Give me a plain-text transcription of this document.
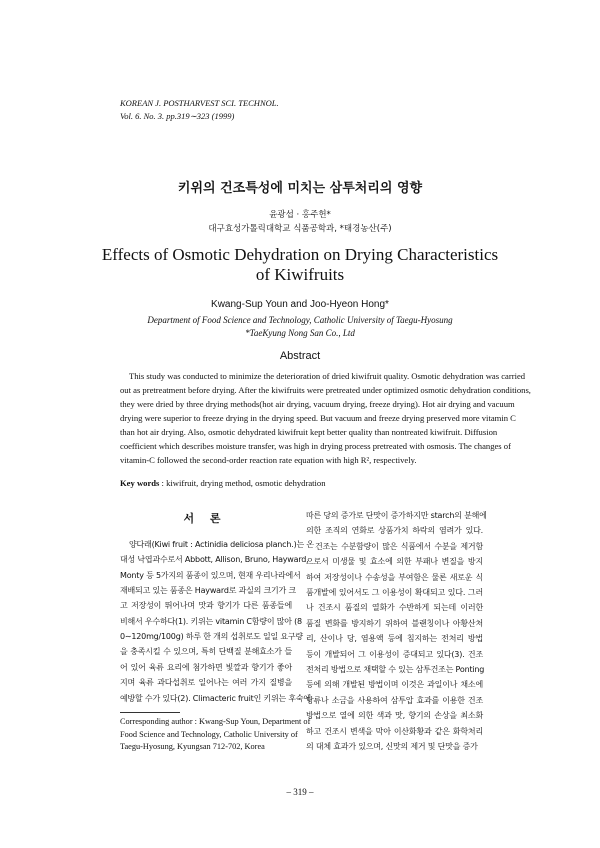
KOREAN J. POSTHARVEST SCI. TECHNOL.
Vol. 6. No. 3. pp.319∼323 (1999)
키위의 건조특성에 미치는 삼투처리의 영향
윤광섭 · 홍주헌*
대구효성가톨릭대학교 식품공학과, *태경농산(주)
Effects of Osmotic Dehydration on Drying Characteristics
of Kiwifruits
Kwang-Sup Youn and Joo-Hyeon Hong*
Department of Food Science and Technology, Catholic University of Taegu-Hyosung
*TaeKyung Nong San Co., Ltd
Abstract
This study was conducted to minimize the deterioration of dried kiwifruit quality. Osmotic dehydration was carried
out as pretreatment before drying. After the kiwifruits were pretreated under optimized osmotic dehydration conditions,
they were dried by three drying methods(hot air drying, vacuum drying, freeze drying). Hot air drying and vacuum
drying were superior to freeze drying in the drying speed. But vacuum and freeze drying preserved more vitamin C
than hot air drying. Also, osmotic dehydrated kiwifruit kept better quality than nontreated kiwifruit. Diffusion
coefficient which describes moisture transfer, was high in drying process pretreated with osmosis. The changes of
vitamin-C followed the second-order reaction rate equation with high R², respectively.
Key words : kiwifruit, drying method, osmotic dehydration
서 론
양다래(Kiwi fruit : Actinidia deliciosa planch.)는 온
대성 낙엽과수로서 Abbott, Allison, Bruno, Hayward,
Monty 등 5가지의 품종이 있으며, 현재 우리나라에서
재배되고 있는 품종은 Hayward로 과실의 크기가 크
고 저장성이 뛰어나며 맛과 향기가 다른 품종들에
비해서 우수하다(1). 키위는 vitamin C함량이 많아 (8
0∼120mg/100g) 하루 한 개의 섭취로도 일일 요구량
을 충족시킬 수 있으며, 특히 단백질 분해효소가 들
어 있어 육류 요리에 첨가하면 빛깔과 향기가 좋아
지며 육류 과다섭취로 일어나는 여러 가지 질병을
예방할 수가 있다(2). Climacteric fruit인 키위는 후숙에
Corresponding author : Kwang-Sup Youn, Department of
Food Science and Technology, Catholic University of
Taegu-Hyosung, Kyungsan 712-702, Korea
따른 당의 증가로 단맛이 증가하지만 starch의 분해에
의한 조직의 연화로 상품가치 하락의 염려가 있다.
건조는 수분함량이 많은 식품에서 수분을 제거함
으로서 미생물 및 효소에 의한 부패나 변질을 방지
하여 저장성이나 수송성을 부여함은 물론 새로운 식
품개발에 있어서도 그 이용성이 확대되고 있다. 그러
나 건조시 품질의 열화가 수반하게 되는데 이러한
품질 변화를 방지하기 위하여 블랜칭이나 아황산처
리, 산이나 당, 염용액 등에 침지하는 전처리 방법
등이 개발되어 그 이용성이 증대되고 있다(3). 건조
전처리 방법으로 채택할 수 있는 삼투건조는 Ponting
등에 의해 개발된 방법이며 이것은 과일이나 채소에
당류나 소금을 사용하여 삼투압 효과를 이용한 건조
방법으로 열에 의한 색과 맛, 향기의 손상을 최소화
하고 건조시 변색을 막아 이산화황과 같은 화학처리
의 대체 효과가 있으며, 신맛의 제거 및 단맛을 증가
– 319 –
